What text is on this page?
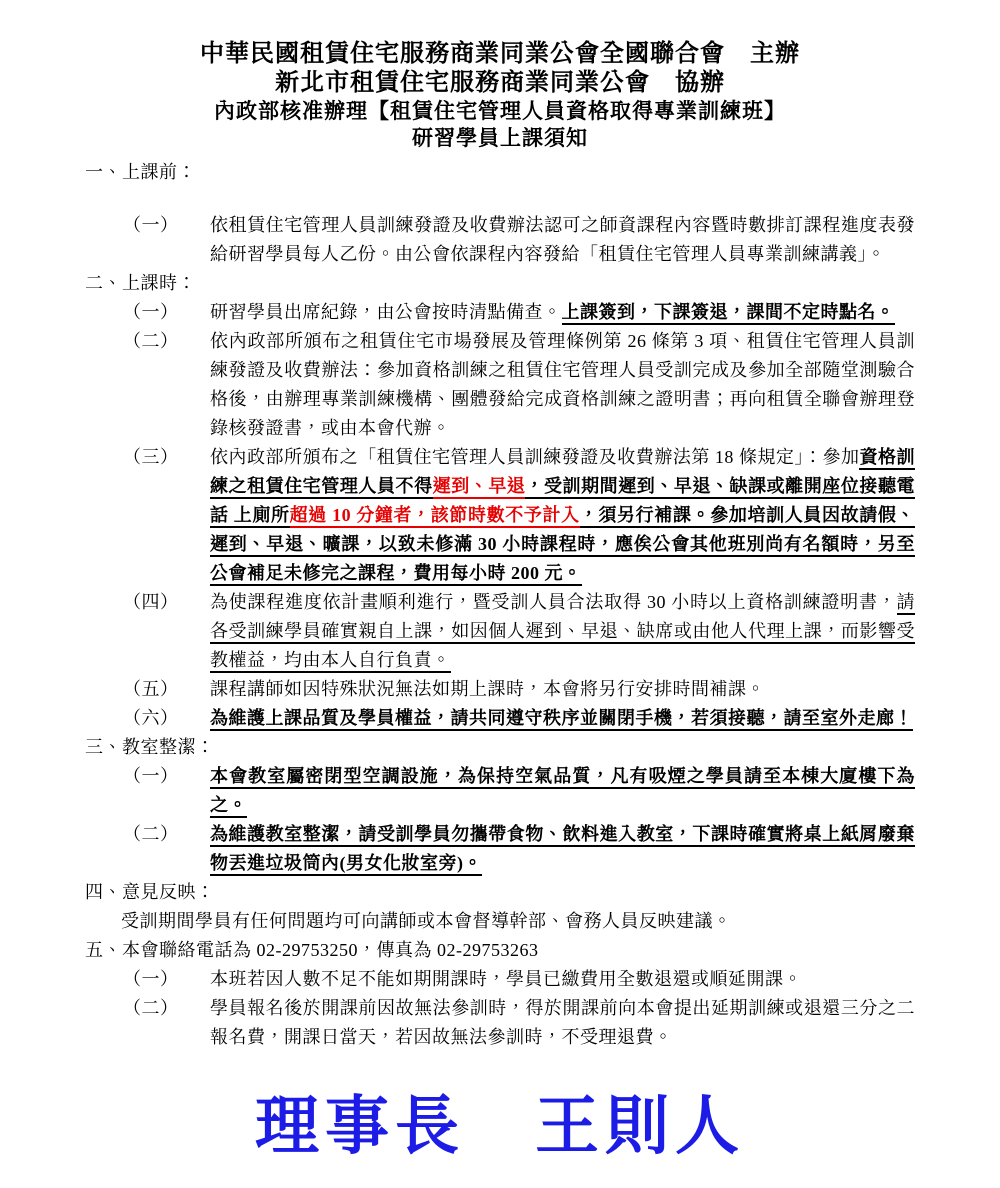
中華民國租賃住宅服務商業同業公會全國聯合會　主辦
新北市租賃住宅服務商業同業公會　協辦
內政部核准辦理【租賃住宅管理人員資格取得專業訓練班】
研習學員上課須知
一、上課前：
（一）	依租賃住宅管理人員訓練發證及收費辦法認可之師資課程內容暨時數排訂課程進度表發給研習學員每人乙份。由公會依課程內容發給「租賃住宅管理人員專業訓練講義」。
二、上課時：
（一）	研習學員出席紀錄，由公會按時清點備查。上課簽到，下課簽退，課間不定時點名。
（二）	依內政部所頒布之租賃住宅市場發展及管理條例第 26 條第 3 項、租賃住宅管理人員訓練發證及收費辦法：參加資格訓練之租賃住宅管理人員受訓完成及參加全部隨堂測驗合格後，由辦理專業訓練機構、團體發給完成資格訓練之證明書；再向租賃全聯會辦理登錄核發證書，或由本會代辦。
（三）	依內政部所頒布之「租賃住宅管理人員訓練發證及收費辦法第 18 條規定」：參加資格訓練之租賃住宅管理人員不得遲到、早退，受訓期間遲到、早退、缺課或離開座位接聽電話 上廁所超過 10 分鐘者，該節時數不予計入，須另行補課。參加培訓人員因故請假、遲到、早退、曠課，以致未修滿 30 小時課程時，應俟公會其他班別尚有名額時，另至公會補足未修完之課程，費用每小時 200 元。
（四）	為使課程進度依計畫順利進行，暨受訓人員合法取得 30 小時以上資格訓練證明書，請各受訓練學員確實親自上課，如因個人遲到、早退、缺席或由他人代理上課，而影響受教權益，均由本人自行負責。
（五）	課程講師如因特殊狀況無法如期上課時，本會將另行安排時間補課。
（六）	為維護上課品質及學員權益，請共同遵守秩序並關閉手機，若須接聽，請至室外走廊！
三、教室整潔：
（一）	本會教室屬密閉型空調設施，為保持空氣品質，凡有吸煙之學員請至本棟大廈樓下為之。
（二）	為維護教室整潔，請受訓學員勿攜帶食物、飲料進入教室，下課時確實將桌上紙屑廢棄物丟進垃圾筒內(男女化妝室旁)。
四、意見反映：
受訓期間學員有任何問題均可向講師或本會督導幹部、會務人員反映建議。
五、本會聯絡電話為 02-29753250，傳真為 02-29753263
（一）	本班若因人數不足不能如期開課時，學員已繳費用全數退還或順延開課。
（二）	學員報名後於開課前因故無法參訓時，得於開課前向本會提出延期訓練或退還三分之二報名費，開課日當天，若因故無法參訓時，不受理退費。
理事長　王則人
